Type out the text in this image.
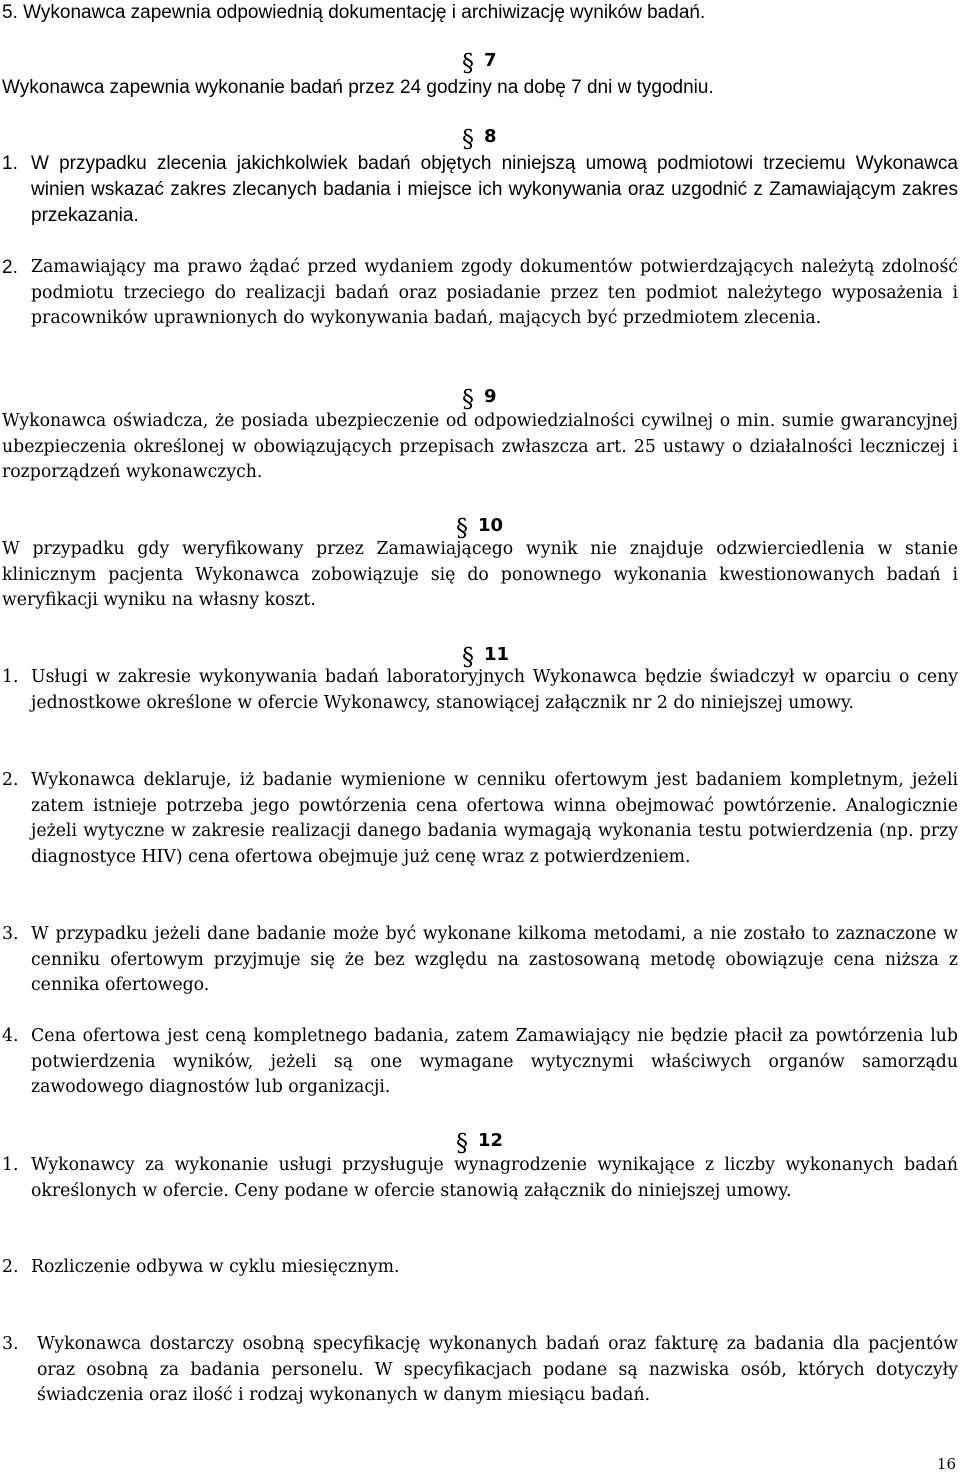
5. Wykonawca zapewnia odpowiednią dokumentację i archiwizację wyników badań.
§ 7
Wykonawca zapewnia wykonanie badań przez 24 godziny na dobę 7 dni w tygodniu.
§ 8
1. W przypadku zlecenia jakichkolwiek badań objętych niniejszą umową podmiotowi trzeciemu Wykonawca winien wskazać zakres zlecanych badania i miejsce ich wykonywania oraz uzgodnić z Zamawiającym zakres przekazania.

2. Zamawiający ma prawo żądać przed wydaniem zgody dokumentów potwierdzających należytą zdolność podmiotu trzeciego do realizacji badań oraz posiadanie przez ten podmiot należytego wyposażenia i pracowników uprawnionych do wykonywania badań, mających być przedmiotem zlecenia.

§ 9

Wykonawca oświadcza, że posiada ubezpieczenie od odpowiedzialności cywilnej o min. sumie gwarancyjnej ubezpieczenia określonej w obowiązujących przepisach zwłaszcza art. 25 ustawy o działalności leczniczej i rozporządzeń wykonawczych.

§ 10

W przypadku gdy weryfikowany przez Zamawiającego wynik nie znajduje odzwierciedlenia w stanie klinicznym pacjenta Wykonawca zobowiązuje się do ponownego wykonania kwestionowanych badań i weryfikacji wyniku na własny koszt.

§ 11
1. Usługi w zakresie wykonywania badań laboratoryjnych Wykonawca będzie świadczył w oparciu o ceny jednostkowe określone w ofercie Wykonawcy, stanowiącej załącznik nr 2 do niniejszej umowy.

2. Wykonawca deklaruje, iż badanie wymienione w cenniku ofertowym jest badaniem kompletnym, jeżeli zatem istnieje potrzeba jego powtórzenia cena ofertowa winna obejmować powtórzenie. Analogicznie jeżeli wytyczne w zakresie realizacji danego badania wymagają wykonania testu potwierdzenia (np. przy diagnostyce HIV) cena ofertowa obejmuje już cenę wraz z potwierdzeniem.

3. W przypadku jeżeli dane badanie może być wykonane kilkoma metodami, a nie zostało to zaznaczone w cenniku ofertowym przyjmuje się że bez względu na zastosowaną metodę obowiązuje cena niższa z cennika ofertowego.

4. Cena ofertowa jest ceną kompletnego badania, zatem Zamawiający nie będzie płacił za powtórzenia lub potwierdzenia wyników, jeżeli są one wymagane wytycznymi właściwych organów samorządu zawodowego diagnostów lub organizacji.

§ 12
1. Wykonawcy za wykonanie usługi przysługuje wynagrodzenie wynikające z liczby wykonanych badań określonych w ofercie. Ceny podane w ofercie stanowią załącznik do niniejszej umowy.

2. Rozliczenie odbywa w cyklu miesięcznym.

3. Wykonawca dostarczy osobną specyfikację wykonanych badań oraz fakturę za badania dla pacjentów oraz osobną za badania personelu. W specyfikacjach podane są nazwiska osób, których dotyczyły świadczenia oraz ilość i rodzaj wykonanych w danym miesiącu badań.

16
